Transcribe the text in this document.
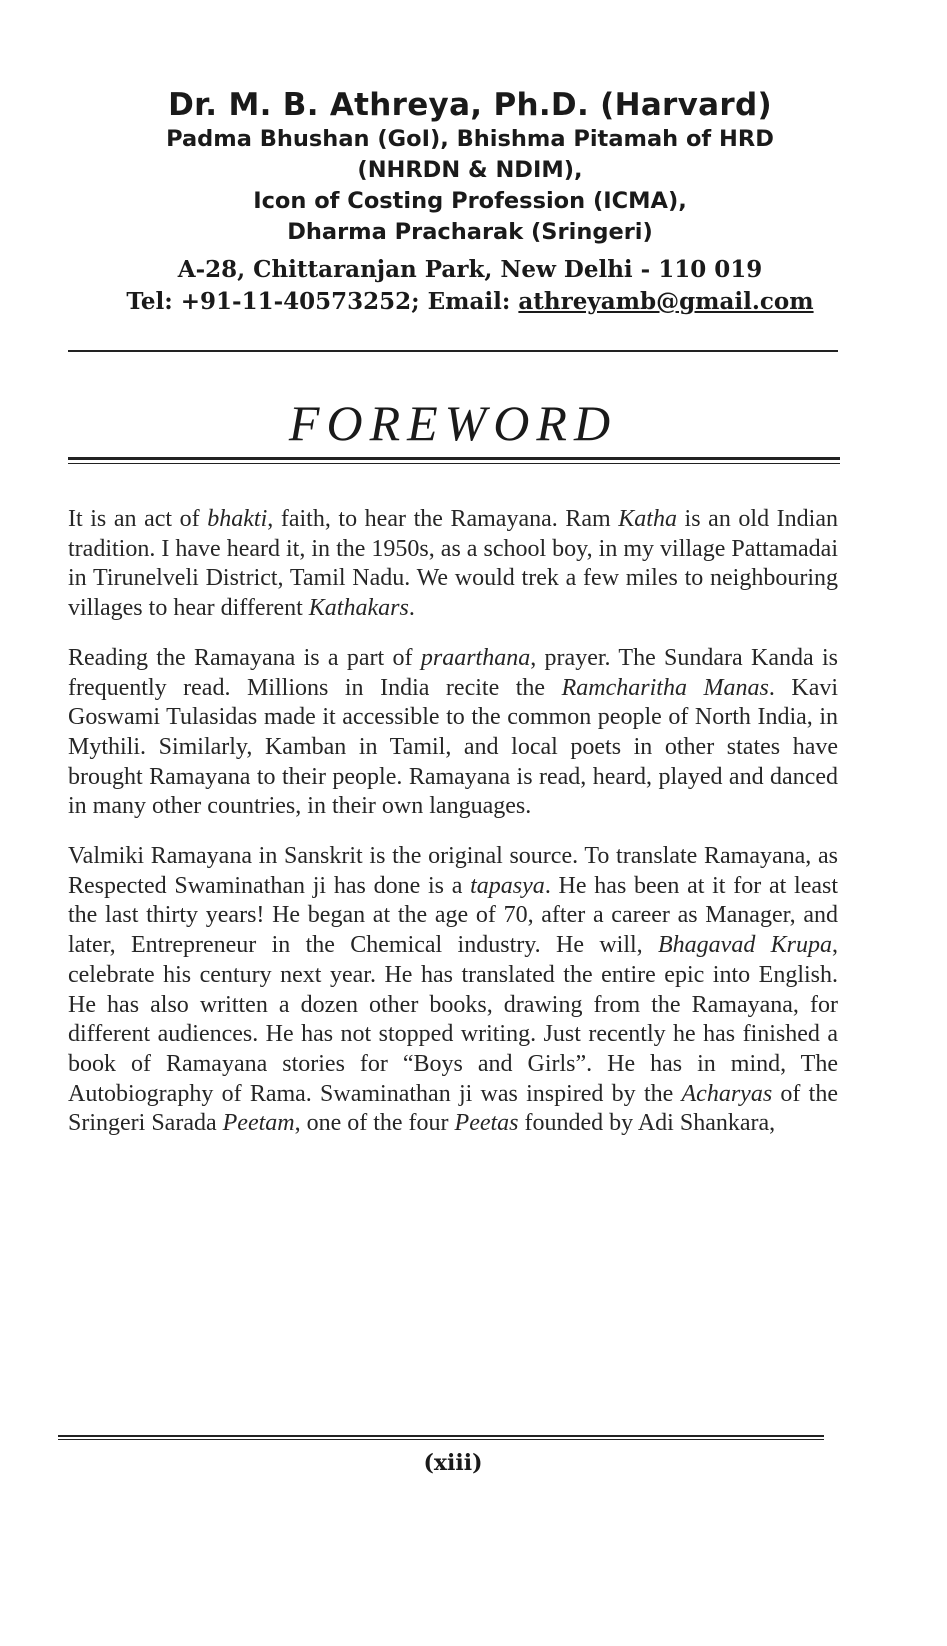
Dr. M. B. Athreya, Ph.D. (Harvard)
Padma Bhushan (GoI), Bhishma Pitamah of HRD
(NHRDN & NDIM),
Icon of Costing Profession (ICMA),
Dharma Pracharak (Sringeri)
A-28, Chittaranjan Park, New Delhi - 110 019
Tel: +91-11-40573252; Email: athreyamb@gmail.com
FOREWORD

It is an act of bhakti, faith, to hear the Ramayana. Ram Katha is an old Indian tradition. I have heard it, in the 1950s, as a school boy, in my village Pattamadai in Tirunelveli District, Tamil Nadu. We would trek a few miles to neighbouring villages to hear different Kathakars.

Reading the Ramayana is a part of praarthana, prayer. The Sundara Kanda is frequently read. Millions in India recite the Ramcharitha Manas. Kavi Goswami Tulasidas made it accessible to the common people of North India, in Mythili. Similarly, Kamban in Tamil, and local poets in other states have brought Ramayana to their people. Ramayana is read, heard, played and danced in many other countries, in their own languages.

Valmiki Ramayana in Sanskrit is the original source. To translate Ramayana, as Respected Swaminathan ji has done is a tapasya. He has been at it for at least the last thirty years! He began at the age of 70, after a career as Manager, and later, Entrepreneur in the Chemical industry. He will, Bhagavad Krupa, celebrate his century next year. He has translated the entire epic into English. He has also written a dozen other books, drawing from the Ramayana, for different audiences. He has not stopped writing. Just recently he has finished a book of Ramayana stories for “Boys and Girls”. He has in mind, The Autobiography of Rama. Swaminathan ji was inspired by the Acharyas of the Sringeri Sarada Peetam, one of the four Peetas founded by Adi Shankara,

(xiii)
